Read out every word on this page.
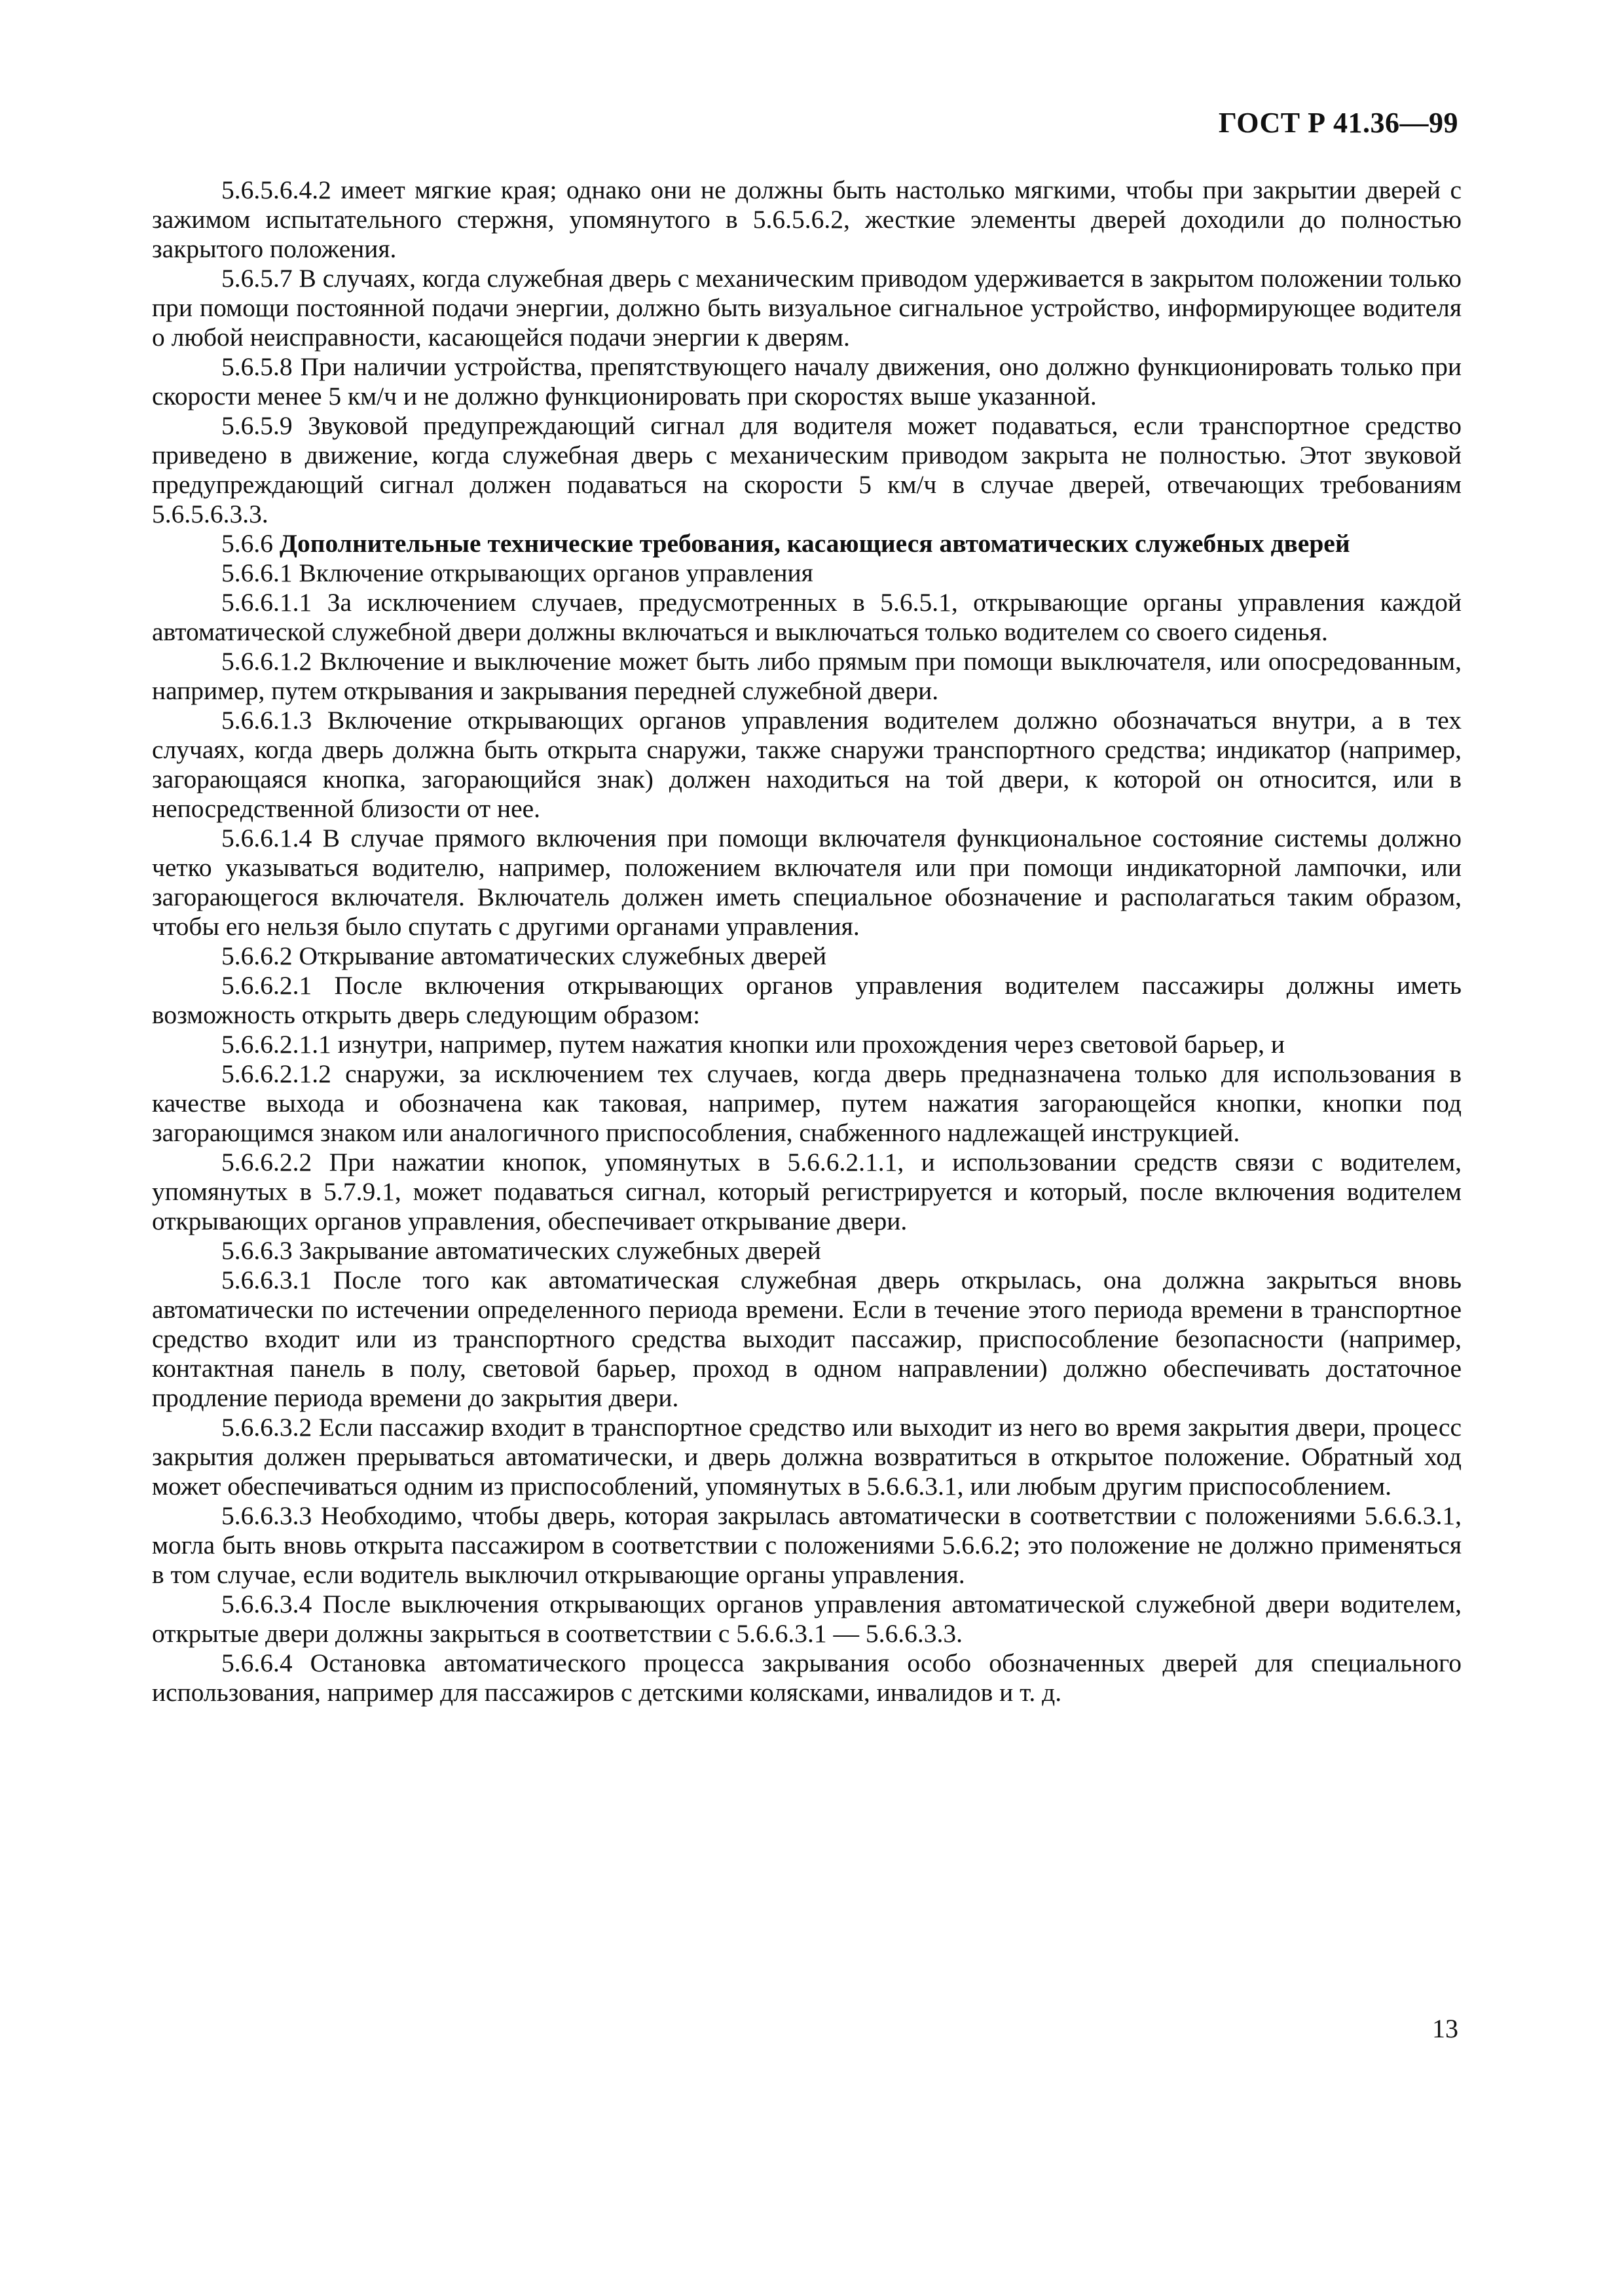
ГОСТ Р 41.36—99

5.6.5.6.4.2 имеет мягкие края; однако они не должны быть настолько мягкими, чтобы при закрытии дверей с зажимом испытательного стержня, упомянутого в 5.6.5.6.2, жесткие элементы дверей доходили до полностью закрытого положения.

5.6.5.7 В случаях, когда служебная дверь с механическим приводом удерживается в закрытом положении только при помощи постоянной подачи энергии, должно быть визуальное сигнальное устройство, информирующее водителя о любой неисправности, касающейся подачи энергии к дверям.

5.6.5.8 При наличии устройства, препятствующего началу движения, оно должно функционировать только при скорости менее 5 км/ч и не должно функционировать при скоростях выше указанной.

5.6.5.9 Звуковой предупреждающий сигнал для водителя может подаваться, если транспортное средство приведено в движение, когда служебная дверь с механическим приводом закрыта не полностью. Этот звуковой предупреждающий сигнал должен подаваться на скорости 5 км/ч в случае дверей, отвечающих требованиям 5.6.5.6.3.3.

5.6.6 Дополнительные технические требования, касающиеся автоматических служебных дверей

5.6.6.1 Включение открывающих органов управления

5.6.6.1.1 За исключением случаев, предусмотренных в 5.6.5.1, открывающие органы управления каждой автоматической служебной двери должны включаться и выключаться только водителем со своего сиденья.

5.6.6.1.2 Включение и выключение может быть либо прямым при помощи выключателя, или опосредованным, например, путем открывания и закрывания передней служебной двери.

5.6.6.1.3 Включение открывающих органов управления водителем должно обозначаться внутри, а в тех случаях, когда дверь должна быть открыта снаружи, также снаружи транспортного средства; индикатор (например, загорающаяся кнопка, загорающийся знак) должен находиться на той двери, к которой он относится, или в непосредственной близости от нее.

5.6.6.1.4 В случае прямого включения при помощи включателя функциональное состояние системы должно четко указываться водителю, например, положением включателя или при помощи индикаторной лампочки, или загорающегося включателя. Включатель должен иметь специальное обозначение и располагаться таким образом, чтобы его нельзя было спутать с другими органами управления.

5.6.6.2 Открывание автоматических служебных дверей

5.6.6.2.1 После включения открывающих органов управления водителем пассажиры должны иметь возможность открыть дверь следующим образом:

5.6.6.2.1.1 изнутри, например, путем нажатия кнопки или прохождения через световой барьер, и

5.6.6.2.1.2 снаружи, за исключением тех случаев, когда дверь предназначена только для использования в качестве выхода и обозначена как таковая, например, путем нажатия загорающейся кнопки, кнопки под загорающимся знаком или аналогичного приспособления, снабженного надлежащей инструкцией.

5.6.6.2.2 При нажатии кнопок, упомянутых в 5.6.6.2.1.1, и использовании средств связи с водителем, упомянутых в 5.7.9.1, может подаваться сигнал, который регистрируется и который, после включения водителем открывающих органов управления, обеспечивает открывание двери.

5.6.6.3 Закрывание автоматических служебных дверей

5.6.6.3.1 После того как автоматическая служебная дверь открылась, она должна закрыться вновь автоматически по истечении определенного периода времени. Если в течение этого периода времени в транспортное средство входит или из транспортного средства выходит пассажир, приспособление безопасности (например, контактная панель в полу, световой барьер, проход в одном направлении) должно обеспечивать достаточное продление периода времени до закрытия двери.

5.6.6.3.2 Если пассажир входит в транспортное средство или выходит из него во время закрытия двери, процесс закрытия должен прерываться автоматически, и дверь должна возвратиться в открытое положение. Обратный ход может обеспечиваться одним из приспособлений, упомянутых в 5.6.6.3.1, или любым другим приспособлением.

5.6.6.3.3 Необходимо, чтобы дверь, которая закрылась автоматически в соответствии с положениями 5.6.6.3.1, могла быть вновь открыта пассажиром в соответствии с положениями 5.6.6.2; это положение не должно применяться в том случае, если водитель выключил открывающие органы управления.

5.6.6.3.4 После выключения открывающих органов управления автоматической служебной двери водителем, открытые двери должны закрыться в соответствии с 5.6.6.3.1 — 5.6.6.3.3.

5.6.6.4 Остановка автоматического процесса закрывания особо обозначенных дверей для специального использования, например для пассажиров с детскими колясками, инвалидов и т. д.

13
